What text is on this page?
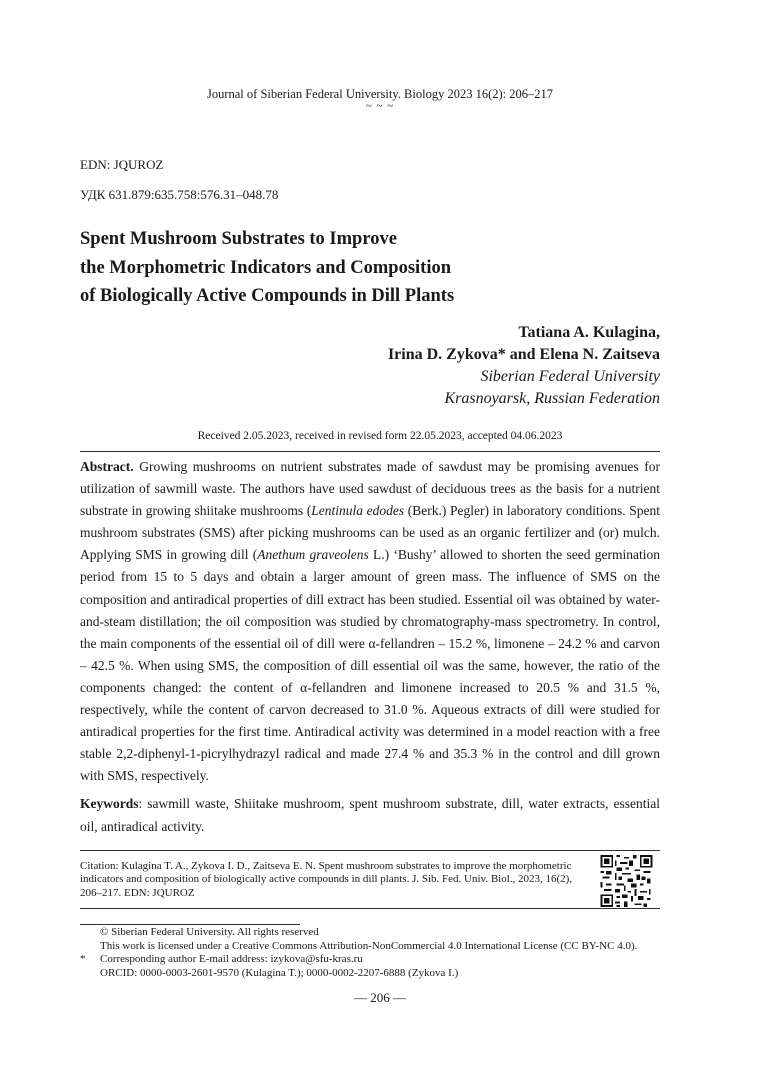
Journal of Siberian Federal University. Biology 2023 16(2): 206–217
~ ~ ~
EDN: JQUROZ
УДК 631.879:635.758:576.31–048.78
Spent Mushroom Substrates to Improve
the Morphometric Indicators and Composition
of Biologically Active Compounds in Dill Plants
Tatiana A. Kulagina,
Irina D. Zykova* and Elena N. Zaitseva
Siberian Federal University
Krasnoyarsk, Russian Federation
Received 2.05.2023, received in revised form 22.05.2023, accepted 04.06.2023
Abstract. Growing mushrooms on nutrient substrates made of sawdust may be promising avenues for utilization of sawmill waste. The authors have used sawdust of deciduous trees as the basis for a nutrient substrate in growing shiitake mushrooms (Lentinula edodes (Berk.) Pegler) in laboratory conditions. Spent mushroom substrates (SMS) after picking mushrooms can be used as an organic fertilizer and (or) mulch. Applying SMS in growing dill (Anethum graveolens L.) ‘Bushy’ allowed to shorten the seed germination period from 15 to 5 days and obtain a larger amount of green mass. The influence of SMS on the composition and antiradical properties of dill extract has been studied. Essential oil was obtained by water-and-steam distillation; the oil composition was studied by chromatography-mass spectrometry. In control, the main components of the essential oil of dill were α-fellandren – 15.2 %, limonene – 24.2 % and carvon – 42.5 %. When using SMS, the composition of dill essential oil was the same, however, the ratio of the components changed: the content of α-fellandren and limonene increased to 20.5 % and 31.5 %, respectively, while the content of carvon decreased to 31.0 %. Aqueous extracts of dill were studied for antiradical properties for the first time. Antiradical activity was determined in a model reaction with a free stable 2,2-diphenyl-1-picrylhydrazyl radical and made 27.4 % and 35.3 % in the control and dill grown with SMS, respectively.
Keywords: sawmill waste, Shiitake mushroom, spent mushroom substrate, dill, water extracts, essential oil, antiradical activity.
Citation: Kulagina T. A., Zykova I. D., Zaitseva E. N. Spent mushroom substrates to improve the morphometric indicators and composition of biologically active compounds in dill plants. J. Sib. Fed. Univ. Biol., 2023, 16(2), 206–217. EDN: JQUROZ
© Siberian Federal University. All rights reserved
This work is licensed under a Creative Commons Attribution-NonCommercial 4.0 International License (CC BY-NC 4.0).
* Corresponding author E-mail address: izykova@sfu-kras.ru
ORCID: 0000-0003-2601-9570 (Kulagina T.); 0000-0002-2207-6888 (Zykova I.)
— 206 —
